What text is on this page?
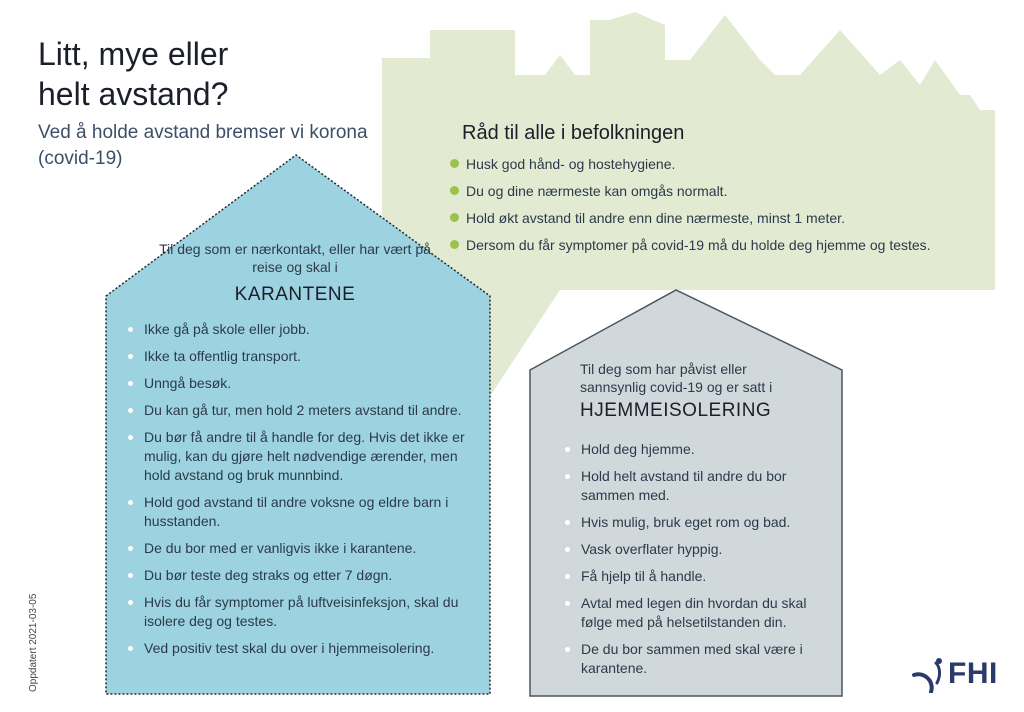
Litt, mye eller
helt avstand?
Ved å holde avstand bremser vi korona (covid-19)
Råd til alle i befolkningen
Husk god hånd- og hostehygiene.
Du og dine nærmeste kan omgås normalt.
Hold økt avstand til andre enn dine nærmeste, minst 1 meter.
Dersom du får symptomer på covid-19 må du holde deg hjemme og testes.
Til deg som er nærkontakt, eller har vært på reise og skal i
KARANTENE
Ikke gå på skole eller jobb.
Ikke ta offentlig transport.
Unngå besøk.
Du kan gå tur, men hold 2 meters avstand til andre.
Du bør få andre til å handle for deg. Hvis det ikke er mulig, kan du gjøre helt nødvendige ærender, men hold avstand og bruk munnbind.
Hold god avstand til andre voksne og eldre barn i husstanden.
De du bor med er vanligvis ikke i karantene.
Du bør teste deg straks og etter 7 døgn.
Hvis du får symptomer på luftveisinfeksjon, skal du isolere deg og testes.
Ved positiv test skal du over i hjemmeisolering.
Til deg som har påvist eller sannsynlig covid-19 og er satt i
HJEMMEISOLERING
Hold deg hjemme.
Hold helt avstand til andre du bor sammen med.
Hvis mulig, bruk eget rom og bad.
Vask overflater hyppig.
Få hjelp til å handle.
Avtal med legen din hvordan du skal følge med på helsetilstanden din.
De du bor sammen med skal være i karantene.
Oppdatert 2021-03-05	FHI
